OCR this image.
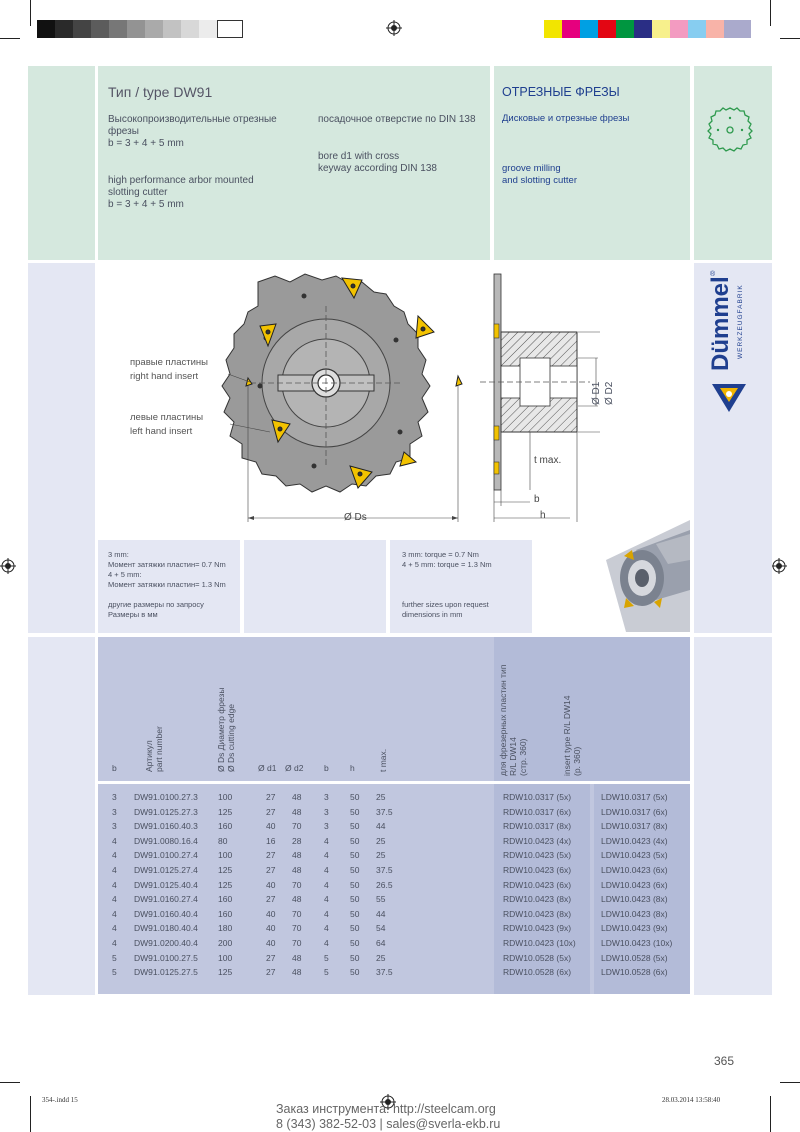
Тип / type DW91
Высокопроизводительные отрезные
фрезы
b = 3 + 4 + 5 mm
high performance arbor mounted
slotting cutter
b = 3 + 4 + 5 mm
посадочное отверстие по DIN 138
bore d1 with cross
keyway according DIN 138
ОТРЕЗНЫЕ ФРЕЗЫ
Дисковые и отрезные фрезы
groove milling
and slotting cutter
правые пластины
right hand insert
левые пластины
left hand insert
Ø Ds
Ø D1 Ø D2
t max.
b
h
Dümmel WERKZEUGFABRIK
®
3 mm:
Момент затяжки пластин= 0.7 Nm
4 + 5 mm:
Момент затяжки пластин= 1.3 Nm
другие размеры по запросу
Размеры в мм
3 mm: torque = 0.7 Nm
4 + 5 mm: torque = 1.3 Nm
further sizes upon request
dimensions in mm
b	Артикул part number	Ø Ds Диаметр фрезы Ø Ds cutting edge	Ø d1 Ø d2 b	h	t max.	для фрезерных пластин тип R/L DW14 (стр. 360)	insert type R/L DW14 (p. 360)
3 DW91.0100.27.3 100	27 48	3	50 25	RDW10.0317 (5x)	LDW10.0317 (5x)
3 DW91.0125.27.3 125	27 48	3	50 37.5	RDW10.0317 (6x)	LDW10.0317 (6x)
3 DW91.0160.40.3 160	40 70	3	50 44	RDW10.0317 (8x)	LDW10.0317 (8x)
4 DW91.0080.16.4 80	16 28	4	50 25	RDW10.0423 (4x)	LDW10.0423 (4x)
4 DW91.0100.27.4 100	27 48	4	50 25	RDW10.0423 (5x)	LDW10.0423 (5x)
4 DW91.0125.27.4 125	27 48	4	50 37.5	RDW10.0423 (6x)	LDW10.0423 (6x)
4 DW91.0125.40.4 125	40 70	4	50 26.5	RDW10.0423 (6x)	LDW10.0423 (6x)
4 DW91.0160.27.4 160	27 48	4	50 55	RDW10.0423 (8x)	LDW10.0423 (8x)
4 DW91.0160.40.4 160	40 70	4	50 44	RDW10.0423 (8x)	LDW10.0423 (8x)
4 DW91.0180.40.4 180	40 70	4	50 54	RDW10.0423 (9x)	LDW10.0423 (9x)
4 DW91.0200.40.4 200	40 70	4	50 64	RDW10.0423 (10x)	LDW10.0423 (10x)
5 DW91.0100.27.5 100	27 48	5	50 25	RDW10.0528 (5x)	LDW10.0528 (5x)
5 DW91.0125.27.5 125	27 48	5	50 37.5	RDW10.0528 (6x)	LDW10.0528 (6x)
365
354-.indd 15	28.03.2014 13:58:40
Заказ инструмента: http://steelcam.org
8 (343) 382-52-03 | sales@sverla-ekb.ru
